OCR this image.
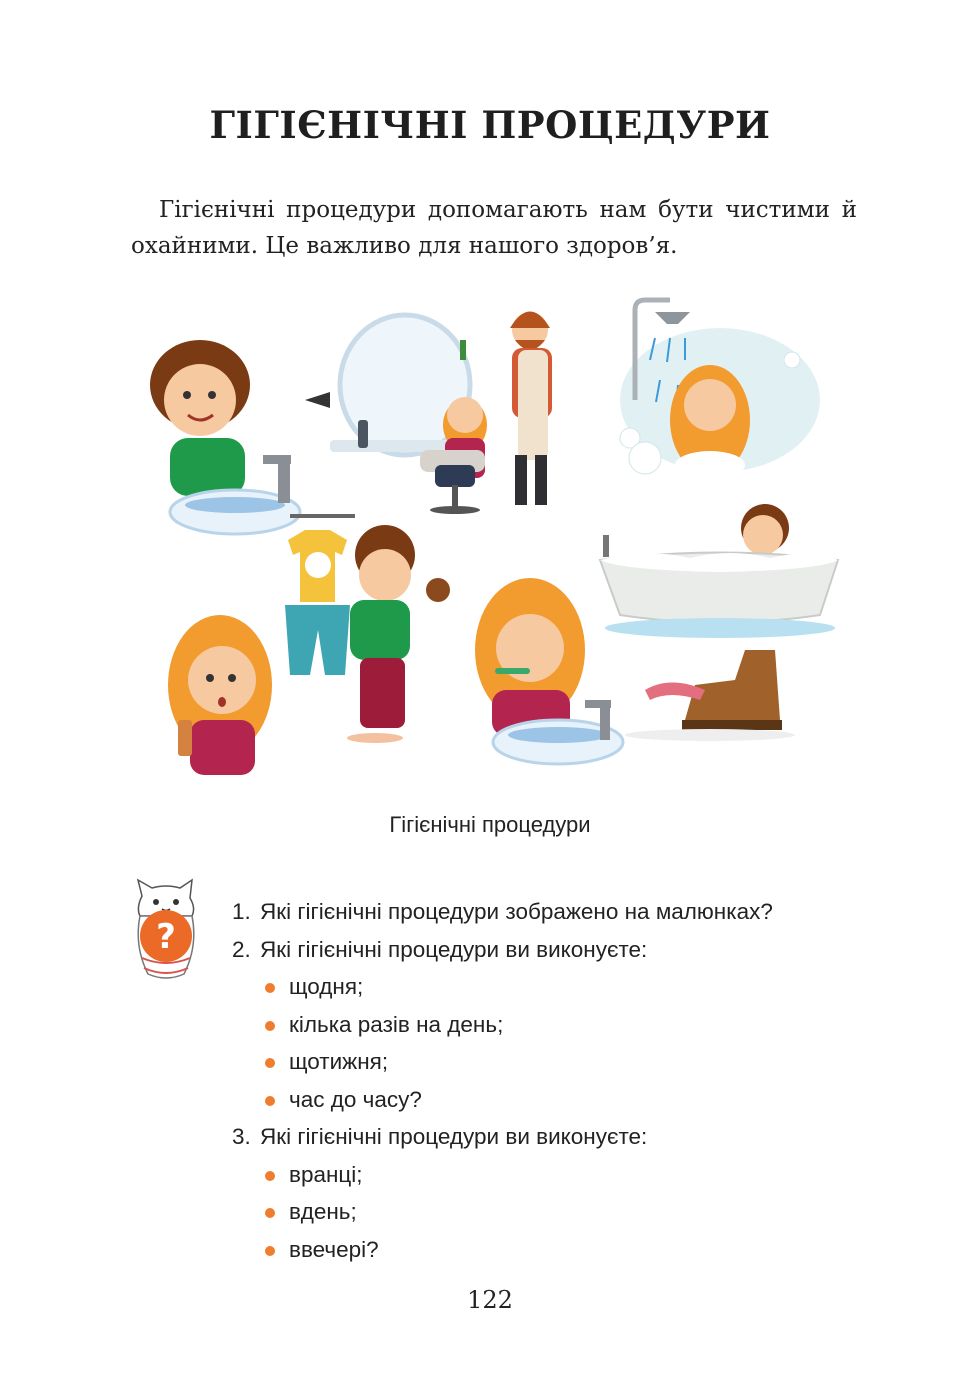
ГІГІЄНІЧНІ ПРОЦЕДУРИ
Гігієнічні процедури допомагають нам бути чистими й охайними. Це важливо для нашого здоров’я.
Гігієнічні процедури
?
1. Які гігієнічні процедури зображено на малюнках?
2. Які гігієнічні процедури ви виконуєте:
щодня;
кілька разів на день;
щотижня;
час до часу?
3. Які гігієнічні процедури ви виконуєте:
вранці;
вдень;
ввечері?
122
